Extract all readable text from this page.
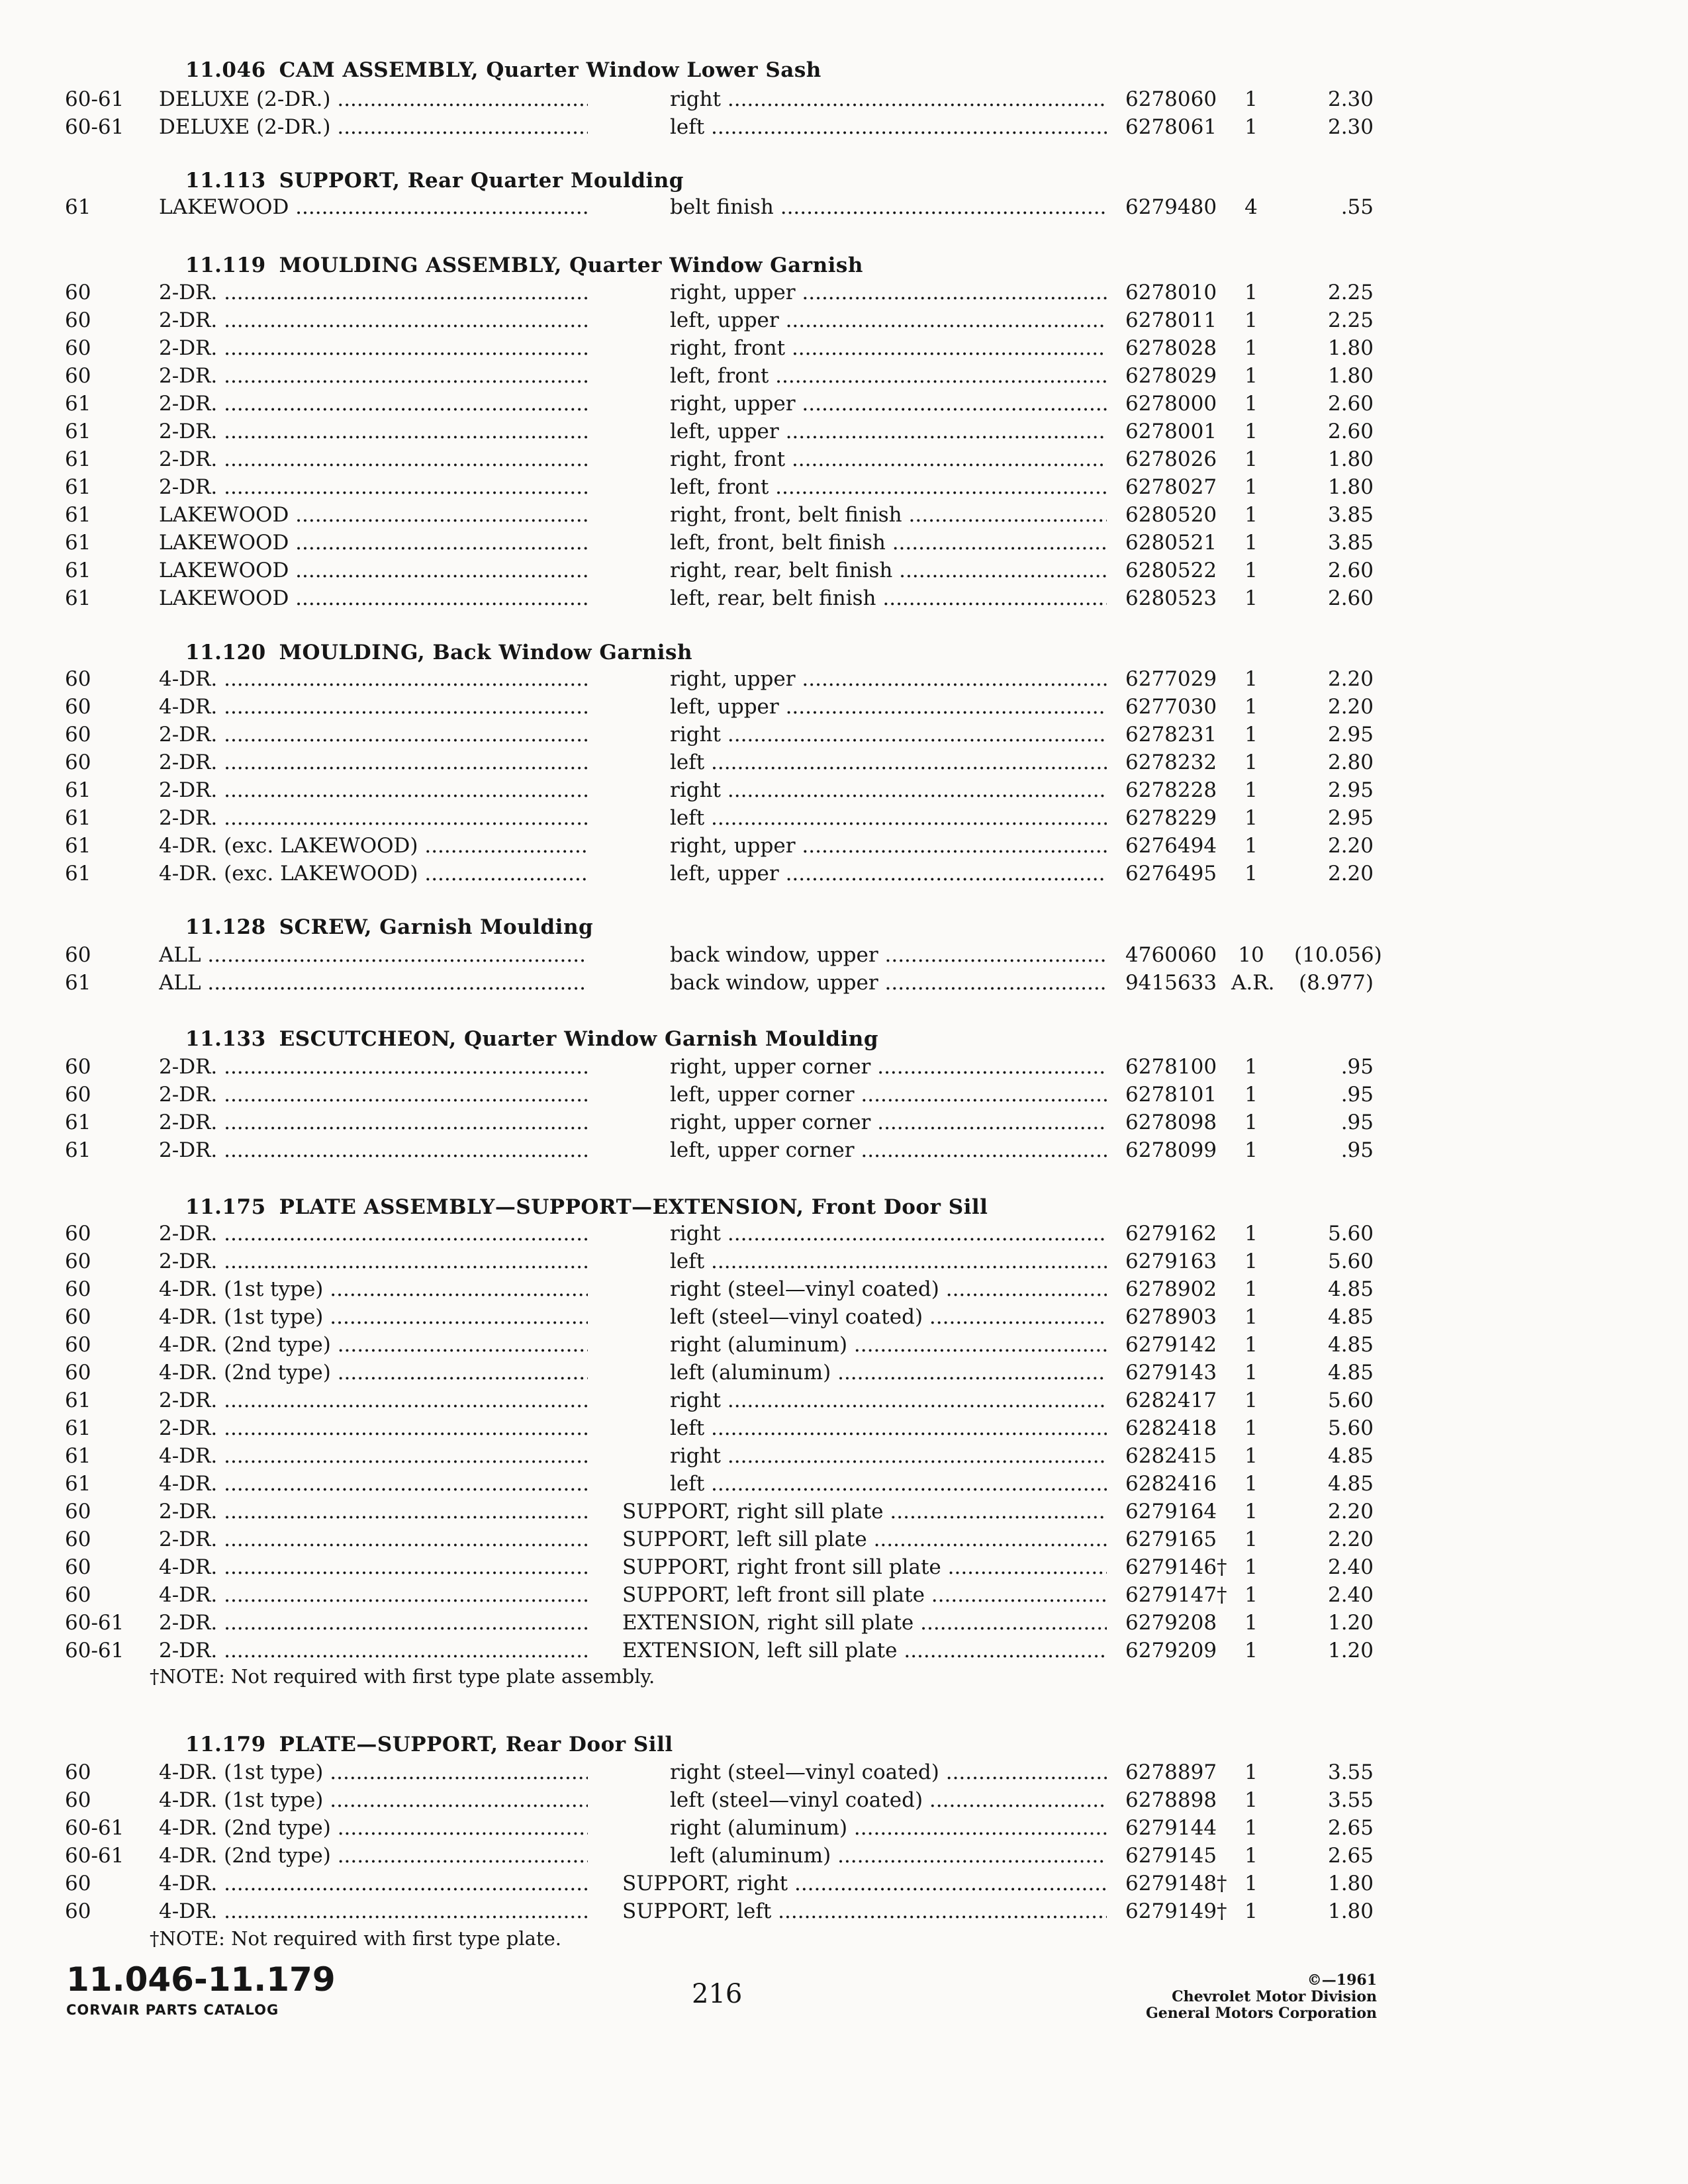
11.046 CAM ASSEMBLY, Quarter Window Lower Sash
60-61 DELUXE (2-DR.) .....	right .....	6278060	1	2.30
60-61 DELUXE (2-DR.) .....	left .....	6278061	1	2.30
11.113 SUPPORT, Rear Quarter Moulding
61	LAKEWOOD .....	belt finish .....	6279480	4	.55
11.119 MOULDING ASSEMBLY, Quarter Window Garnish
60	2-DR. .....	right, upper .....	6278010	1	2.25
60	2-DR. .....	left, upper .....	6278011	1	2.25
60	2-DR. .....	right, front .....	6278028	1	1.80
60	2-DR. .....	left, front .....	6278029	1	1.80
61	2-DR. .....	right, upper .....	6278000	1	2.60
61	2-DR. .....	left, upper .....	6278001	1	2.60
61	2-DR. .....	right, front .....	6278026	1	1.80
61	2-DR. .....	left, front .....	6278027	1	1.80
61	LAKEWOOD .....	right, front, belt finish .....	6280520	1	3.85
61	LAKEWOOD .....	left, front, belt finish .....	6280521	1	3.85
61	LAKEWOOD .....	right, rear, belt finish .....	6280522	1	2.60
61	LAKEWOOD .....	left, rear, belt finish .....	6280523	1	2.60
11.120 MOULDING, Back Window Garnish
60	4-DR. .....	right, upper .....	6277029	1	2.20
60	4-DR. .....	left, upper .....	6277030	1	2.20
60	2-DR. .....	right .....	6278231	1	2.95
60	2-DR. .....	left .....	6278232	1	2.80
61	2-DR. .....	right .....	6278228	1	2.95
61	2-DR. .....	left .....	6278229	1	2.95
61	4-DR. (exc. LAKEWOOD) .....	right, upper .....	6276494	1	2.20
61	4-DR. (exc. LAKEWOOD) .....	left, upper .....	6276495	1	2.20
11.128 SCREW, Garnish Moulding
60	ALL .....	back window, upper .....	4760060	10	(10.056)
61	ALL .....	back window, upper .....	9415633 A.R. (8.977)
11.133 ESCUTCHEON, Quarter Window Garnish Moulding
60	2-DR. .....	right, upper corner .....	6278100	1	.95
60	2-DR. .....	left, upper corner .....	6278101	1	.95
61	2-DR. .....	right, upper corner .....	6278098	1	.95
61	2-DR. .....	left, upper corner .....	6278099	1	.95
11.175 PLATE ASSEMBLY—SUPPORT—EXTENSION, Front Door Sill
60	2-DR. .....	right .....	6279162	1	5.60
60	2-DR. .....	left .....	6279163	1	5.60
60	4-DR. (1st type) .....	right (steel—vinyl coated) .....	6278902	1	4.85
60	4-DR. (1st type) .....	left (steel—vinyl coated) .....	6278903	1	4.85
60	4-DR. (2nd type) .....	right (aluminum) .....	6279142	1	4.85
60	4-DR. (2nd type) .....	left (aluminum) .....	6279143	1	4.85
61	2-DR. .....	right .....	6282417	1	5.60
61	2-DR. .....	left .....	6282418	1	5.60
61	4-DR. .....	right .....	6282415	1	4.85
61	4-DR. .....	left .....	6282416	1	4.85
60	2-DR. .....	SUPPORT, right sill plate .....	6279164	1	2.20
60	2-DR. .....	SUPPORT, left sill plate .....	6279165	1	2.20
60	4-DR. .....	SUPPORT, right front sill plate .....	6279146† 1	2.40
60	4-DR. .....	SUPPORT, left front sill plate .....	6279147† 1	2.40
60-61 2-DR. .....	EXTENSION, right sill plate .....	6279208	1	1.20
60-61 2-DR. .....	EXTENSION, left sill plate .....	6279209	1	1.20
†NOTE: Not required with first type plate assembly.
11.179 PLATE—SUPPORT, Rear Door Sill
60	4-DR. (1st type) .....	right (steel—vinyl coated) .....	6278897	1	3.55
60	4-DR. (1st type) .....	left (steel—vinyl coated) .....	6278898	1	3.55
60-61 4-DR. (2nd type) .....	right (aluminum) .....	6279144	1	2.65
60-61 4-DR. (2nd type) .....	left (aluminum) .....	6279145	1	2.65
60	4-DR. .....	SUPPORT, right .....	6279148† 1	1.80
60	4-DR. .....	SUPPORT, left .....	6279149† 1	1.80
†NOTE: Not required with first type plate.
11.046-11.179
CORVAIR PARTS CATALOG
216	©—1961
Chevrolet Motor Division
General Motors Corporation
